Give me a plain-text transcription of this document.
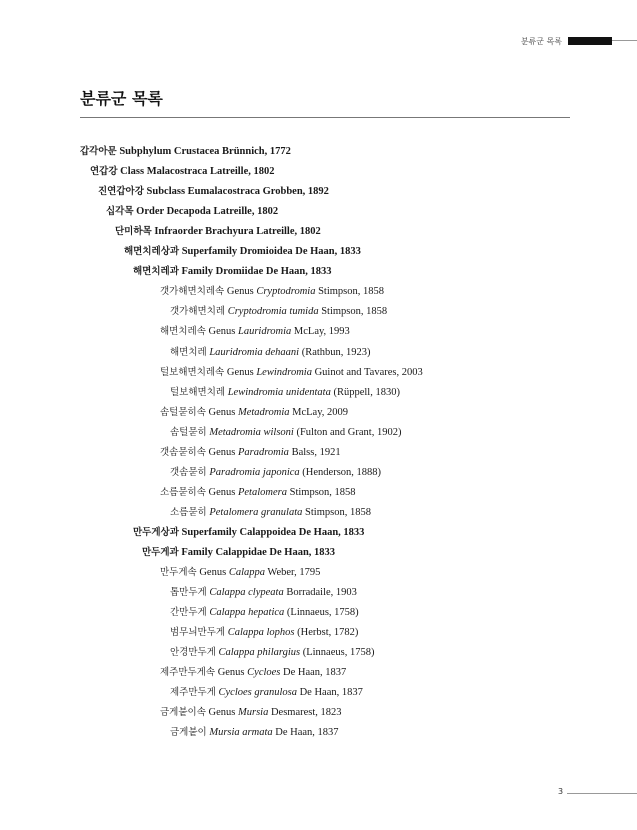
분류군 목록
분류군 목록
갑각아문 Subphylum Crustacea Brünnich, 1772
연갑강 Class Malacostraca Latreille, 1802
진연갑아강 Subclass Eumalacostraca Grobben, 1892
십각목 Order Decapoda Latreille, 1802
단미하목 Infraorder Brachyura Latreille, 1802
해면치레상과 Superfamily Dromioidea De Haan, 1833
해면치레과 Family Dromiidae De Haan, 1833
갯가해면치레속 Genus Cryptodromia Stimpson, 1858
갯가해면치레 Cryptodromia tumida Stimpson, 1858
해면치레속 Genus Lauridromia McLay, 1993
해면치레 Lauridromia dehaani (Rathbun, 1923)
털보해면치레속 Genus Lewindromia Guinot and Tavares, 2003
털보해면치레 Lewindromia unidentata (Rüppell, 1830)
솜털묻히속 Genus Metadromia McLay, 2009
솜털묻히 Metadromia wilsoni (Fulton and Grant, 1902)
갯솜묻히속 Genus Paradromia Balss, 1921
갯솜묻히 Paradromia japonica (Henderson, 1888)
소름묻히속 Genus Petalomera Stimpson, 1858
소름묻히 Petalomera granulata Stimpson, 1858
만두게상과 Superfamily Calappoidea De Haan, 1833
만두게과 Family Calappidae De Haan, 1833
만두게속 Genus Calappa Weber, 1795
톱만두게 Calappa clypeata Borradaile, 1903
간만두게 Calappa hepatica (Linnaeus, 1758)
범무늬만두게 Calappa lophos (Herbst, 1782)
안경만두게 Calappa philargius (Linnaeus, 1758)
제주만두게속 Genus Cycloes De Haan, 1837
제주만두게 Cycloes granulosa De Haan, 1837
금게붙이속 Genus Mursia Desmarest, 1823
금게붙이 Mursia armata De Haan, 1837
3
